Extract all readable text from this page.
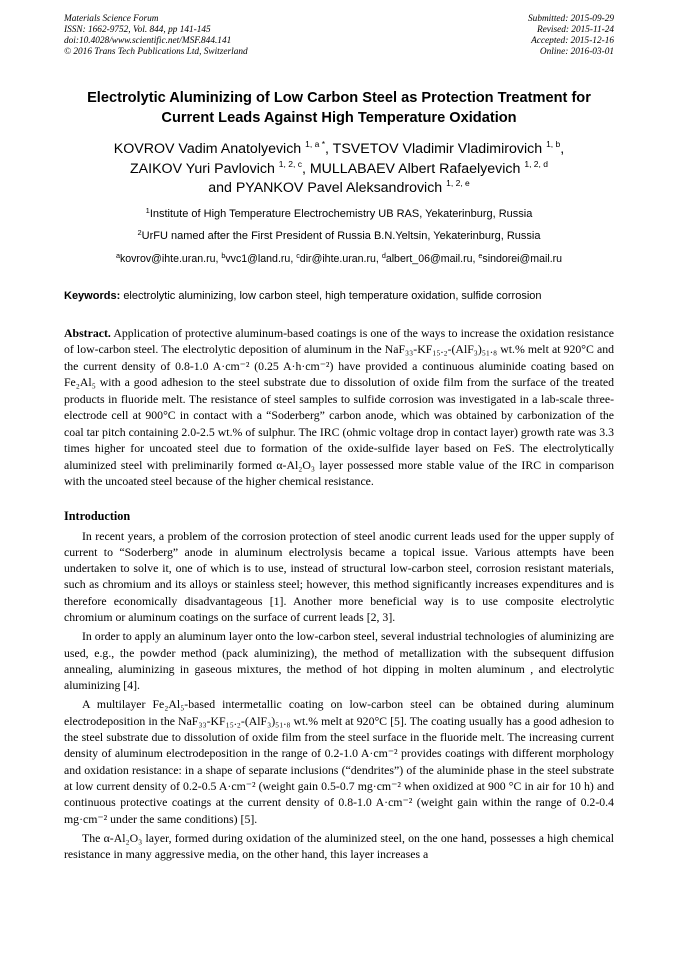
Materials Science Forum
ISSN: 1662-9752, Vol. 844, pp 141-145
doi:10.4028/www.scientific.net/MSF.844.141
© 2016 Trans Tech Publications Ltd, Switzerland
Submitted: 2015-09-29
Revised: 2015-11-24
Accepted: 2015-12-16
Online: 2016-03-01
Electrolytic Aluminizing of Low Carbon Steel as Protection Treatment for Current Leads Against High Temperature Oxidation
KOVROV Vadim Anatolyevich $^{1, a *}$, TSVETOV Vladimir Vladimirovich $^{1, b}$,
ZAIKOV Yuri Pavlovich $^{1, 2, c}$, MULLABAEV Albert Rafaelyevich $^{1, 2, d}$
and PYANKOV Pavel Aleksandrovich $^{1, 2, e}$
$^1$Institute of High Temperature Electrochemistry UB RAS, Yekaterinburg, Russia
$^2$UrFU named after the First President of Russia B.N.Yeltsin, Yekaterinburg, Russia
$^a$kovrov@ihte.uran.ru, $^b$vvc1@land.ru, $^c$dir@ihte.uran.ru, $^d$albert_06@mail.ru, $^e$sindorei@mail.ru
Keywords: electrolytic aluminizing, low carbon steel, high temperature oxidation, sulfide corrosion
Abstract. Application of protective aluminum-based coatings is one of the ways to increase the oxidation resistance of low-carbon steel. The electrolytic deposition of aluminum in the NaF₃₃-KF₁₅.₂-(AlF₃)₅₁.₈ wt.% melt at 920°C and the current density of 0.8-1.0 A·cm⁻² (0.25 A·h·cm⁻²) have provided a continuous aluminide coating based on Fe₂Al₅ with a good adhesion to the steel substrate due to dissolution of oxide film from the surface of the treated products in fluoride melt. The resistance of steel samples to sulfide corrosion was investigated in a lab-scale three-electrode cell at 900°C in contact with a “Soderberg” carbon anode, which was obtained by carbonization of the coal tar pitch containing 2.0-2.5 wt.% of sulphur. The IRC (ohmic voltage drop in contact layer) growth rate was 3.3 times higher for uncoated steel due to formation of the oxide-sulfide layer based on FeS. The electrolytically aluminized steel with preliminarily formed α-Al₂O₃ layer possessed more stable value of the IRC in comparison with the uncoated steel because of the higher chemical resistance.
Introduction

In recent years, a problem of the corrosion protection of steel anodic current leads used for the upper supply of current to “Soderberg” anode in aluminum electrolysis became a topical issue. Various attempts have been undertaken to solve it, one of which is to use, instead of structural low-carbon steel, corrosion resistant materials, such as chromium and its alloys or stainless steel; however, this method significantly increases expenditures and is therefore economically disadvantageous [1]. Another more beneficial way is to use composite electrolytic chromium or aluminum coatings on the surface of current leads [2, 3].

In order to apply an aluminum layer onto the low-carbon steel, several industrial technologies of aluminizing are used, e.g., the powder method (pack aluminizing), the method of metallization with the subsequent diffusion annealing, aluminizing in gaseous mixtures, the method of hot dipping in molten aluminum , and electrolytic aluminizing [4].

A multilayer Fe₂Al₅-based intermetallic coating on low-carbon steel can be obtained during aluminum electrodeposition in the NaF₃₃-KF₁₅.₂-(AlF₃)₅₁.₈ wt.% melt at 920°C [5]. The coating usually has a good adhesion to the steel substrate due to dissolution of oxide film from the steel surface in the fluoride melt. The increasing current density of aluminum electrodeposition in the range of 0.2-1.0 A·cm⁻² provides coatings with different morphology and oxidation resistance: in a shape of separate inclusions (“dendrites”) of the aluminide phase in the steel substrate at low current density of 0.2-0.5 A·cm⁻² (weight gain 0.5-0.7 mg·cm⁻² when oxidized at 900 °C in air for 10 h) and continuous protective coatings at the current density of 0.8-1.0 A·cm⁻² (weight gain within the range of 0.2-0.4 mg·cm⁻² under the same conditions) [5].

The α-Al₂O₃ layer, formed during oxidation of the aluminized steel, on the one hand, possesses a high chemical resistance in many aggressive media, on the other hand, this layer increases a
